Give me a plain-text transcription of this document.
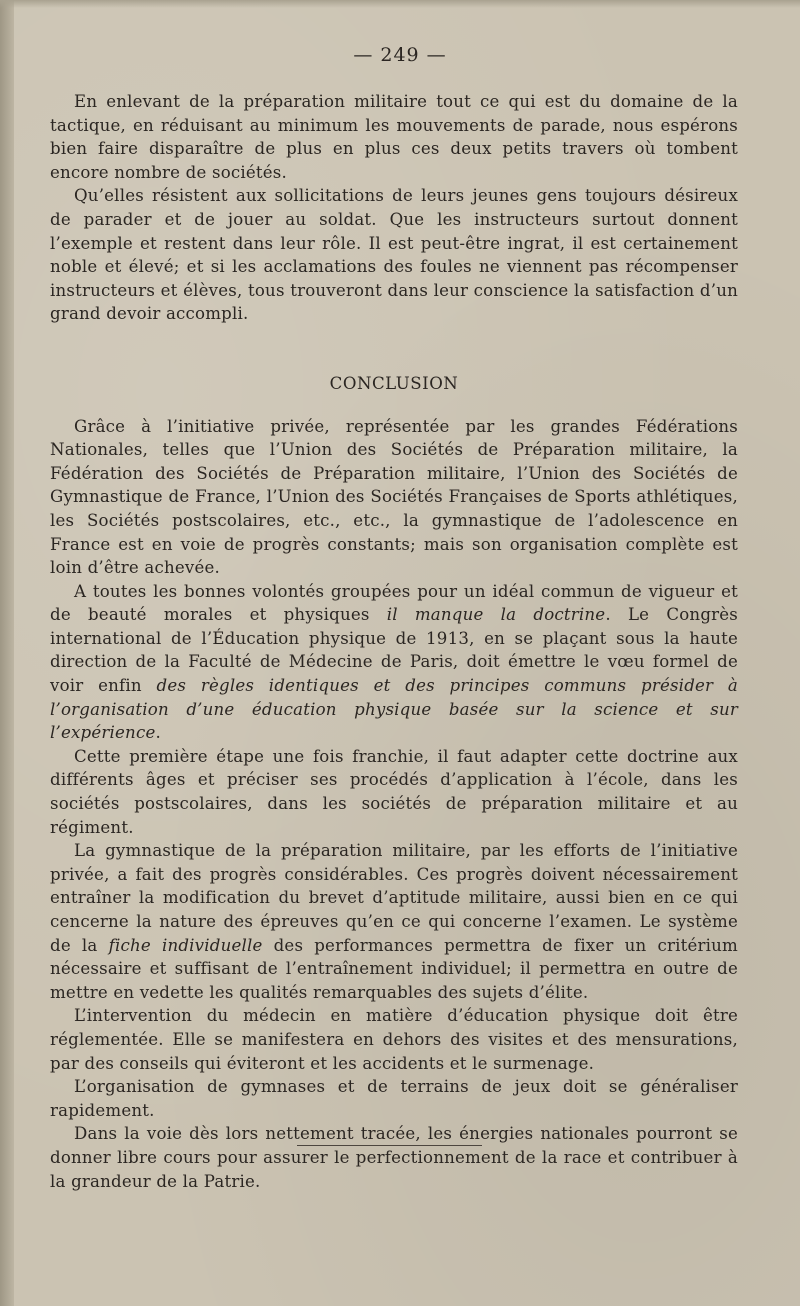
— 249 —

En enlevant de la préparation militaire tout ce qui est du domaine de la tactique, en réduisant au minimum les mouvements de parade, nous espérons bien faire disparaître de plus en plus ces deux petits travers où tombent encore nombre de sociétés.

Qu’elles résistent aux sollicitations de leurs jeunes gens toujours désireux de parader et de jouer au soldat. Que les instructeurs surtout donnent l’exemple et restent dans leur rôle. Il est peut-être ingrat, il est certainement noble et élevé; et si les acclamations des foules ne viennent pas récompenser instructeurs et élèves, tous trouveront dans leur conscience la satisfaction d’un grand devoir accompli.

CONCLUSION

Grâce à l’initiative privée, représentée par les grandes Fédérations Nationales, telles que l’Union des Sociétés de Préparation militaire, la Fédération des Sociétés de Préparation militaire, l’Union des Sociétés de Gymnastique de France, l’Union des Sociétés Françaises de Sports athlétiques, les Sociétés postscolaires, etc., etc., la gymnastique de l’adolescence en France est en voie de progrès constants; mais son organisation complète est loin d’être achevée.

A toutes les bonnes volontés groupées pour un idéal commun de vigueur et de beauté morales et physiques il manque la doctrine. Le Congrès international de l’Éducation physique de 1913, en se plaçant sous la haute direction de la Faculté de Médecine de Paris, doit émettre le vœu formel de voir enfin des règles identiques et des principes communs présider à l’organisation d’une éducation physique basée sur la science et sur l’expérience.

Cette première étape une fois franchie, il faut adapter cette doctrine aux différents âges et préciser ses procédés d’application à l’école, dans les sociétés postscolaires, dans les sociétés de préparation militaire et au régiment.

La gymnastique de la préparation militaire, par les efforts de l’initiative privée, a fait des progrès considérables. Ces progrès doivent nécessairement entraîner la modification du brevet d’aptitude militaire, aussi bien en ce qui cencerne la nature des épreuves qu’en ce qui concerne l’examen. Le système de la fiche individuelle des performances permettra de fixer un critérium nécessaire et suffisant de l’entraînement individuel; il permettra en outre de mettre en vedette les qualités remarquables des sujets d’élite.

L’intervention du médecin en matière d’éducation physique doit être réglementée. Elle se manifestera en dehors des visites et des mensurations, par des conseils qui éviteront et les accidents et le surmenage.

L’organisation de gymnases et de terrains de jeux doit se généraliser rapidement.

Dans la voie dès lors nettement tracée, les énergies nationales pourront se donner libre cours pour assurer le perfectionnement de la race et contribuer à la grandeur de la Patrie.
